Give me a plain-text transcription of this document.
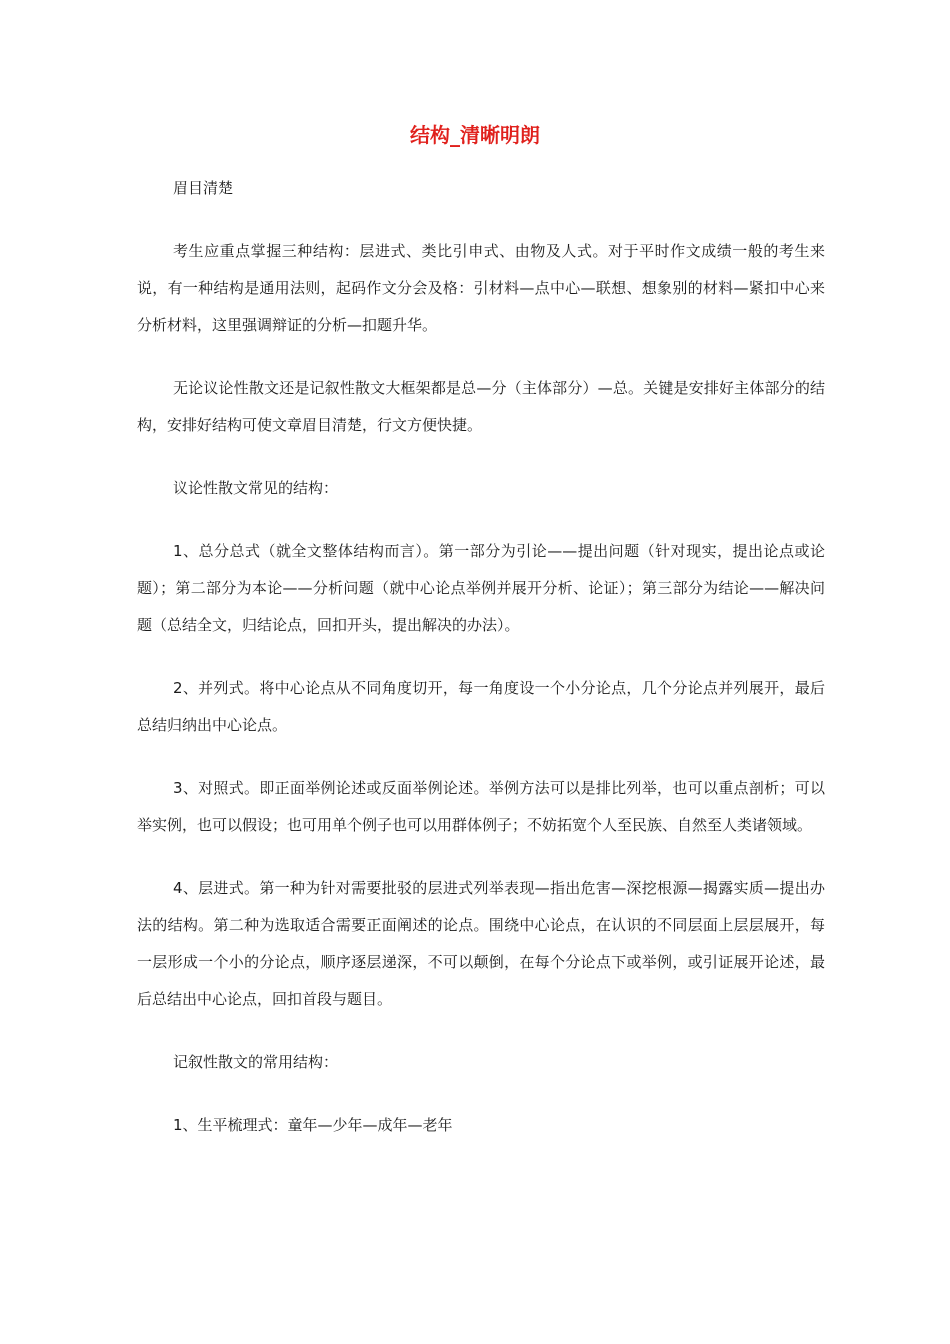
结构_清晰明朗

眉目清楚

考生应重点掌握三种结构：层进式、类比引申式、由物及人式。对于平时作文成绩一般的考生来说，有一种结构是通用法则，起码作文分会及格：引材料—点中心—联想、想象别的材料—紧扣中心来分析材料，这里强调辩证的分析—扣题升华。

无论议论性散文还是记叙性散文大框架都是总—分（主体部分）—总。关键是安排好主体部分的结构，安排好结构可使文章眉目清楚，行文方便快捷。

议论性散文常见的结构：

1、总分总式（就全文整体结构而言）。第一部分为引论——提出问题（针对现实，提出论点或论题）；第二部分为本论——分析问题（就中心论点举例并展开分析、论证）；第三部分为结论——解决问题（总结全文，归结论点，回扣开头，提出解决的办法）。

2、并列式。将中心论点从不同角度切开，每一角度设一个小分论点，几个分论点并列展开，最后总结归纳出中心论点。

3、对照式。即正面举例论述或反面举例论述。举例方法可以是排比列举，也可以重点剖析；可以举实例，也可以假设；也可用单个例子也可以用群体例子；不妨拓宽个人至民族、自然至人类诸领域。

4、层进式。第一种为针对需要批驳的层进式列举表现—指出危害—深挖根源—揭露实质—提出办法的结构。第二种为选取适合需要正面阐述的论点。围绕中心论点，在认识的不同层面上层层展开，每一层形成一个小的分论点，顺序逐层递深，不可以颠倒，在每个分论点下或举例，或引证展开论述，最后总结出中心论点，回扣首段与题目。

记叙性散文的常用结构：

1、生平梳理式：童年—少年—成年—老年
